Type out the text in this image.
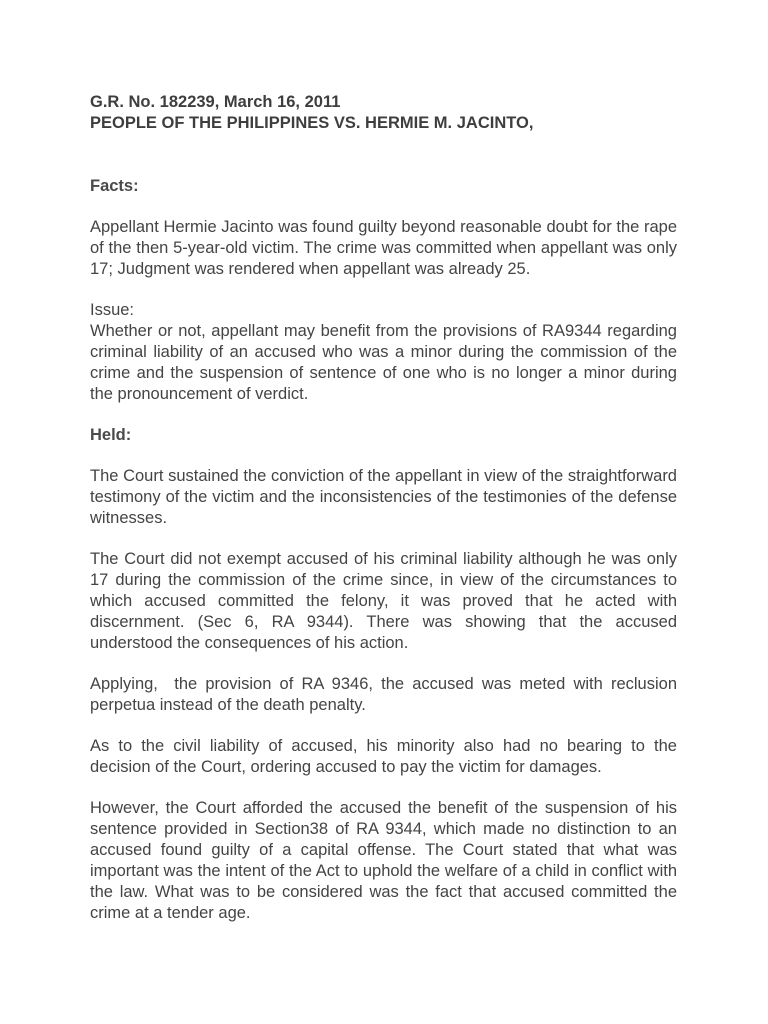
G.R. No. 182239, March 16, 2011
PEOPLE OF THE PHILIPPINES VS. HERMIE M. JACINTO,
Facts:

Appellant Hermie Jacinto was found guilty beyond reasonable doubt for the rape of the then 5-year-old victim. The crime was committed when appellant was only 17; Judgment was rendered when appellant was already 25.

Issue:

Whether or not, appellant may benefit from the provisions of RA9344 regarding criminal liability of an accused who was a minor during the commission of the crime and the suspension of sentence of one who is no longer a minor during the pronouncement of verdict.

Held:

The Court sustained the conviction of the appellant in view of the straightforward testimony of the victim and the inconsistencies of the testimonies of the defense witnesses.

The Court did not exempt accused of his criminal liability although he was only 17 during the commission of the crime since, in view of the circumstances to which accused committed the felony, it was proved that he acted with discernment. (Sec 6, RA 9344). There was showing that the accused understood the consequences of his action.

Applying,  the provision of RA 9346, the accused was meted with reclusion perpetua instead of the death penalty.

As to the civil liability of accused, his minority also had no bearing to the decision of the Court, ordering accused to pay the victim for damages.

However, the Court afforded the accused the benefit of the suspension of his sentence provided in Section38 of RA 9344, which made no distinction to an accused found guilty of a capital offense. The Court stated that what was important was the intent of the Act to uphold the welfare of a child in conflict with the law. What was to be considered was the fact that accused committed the crime at a tender age.
